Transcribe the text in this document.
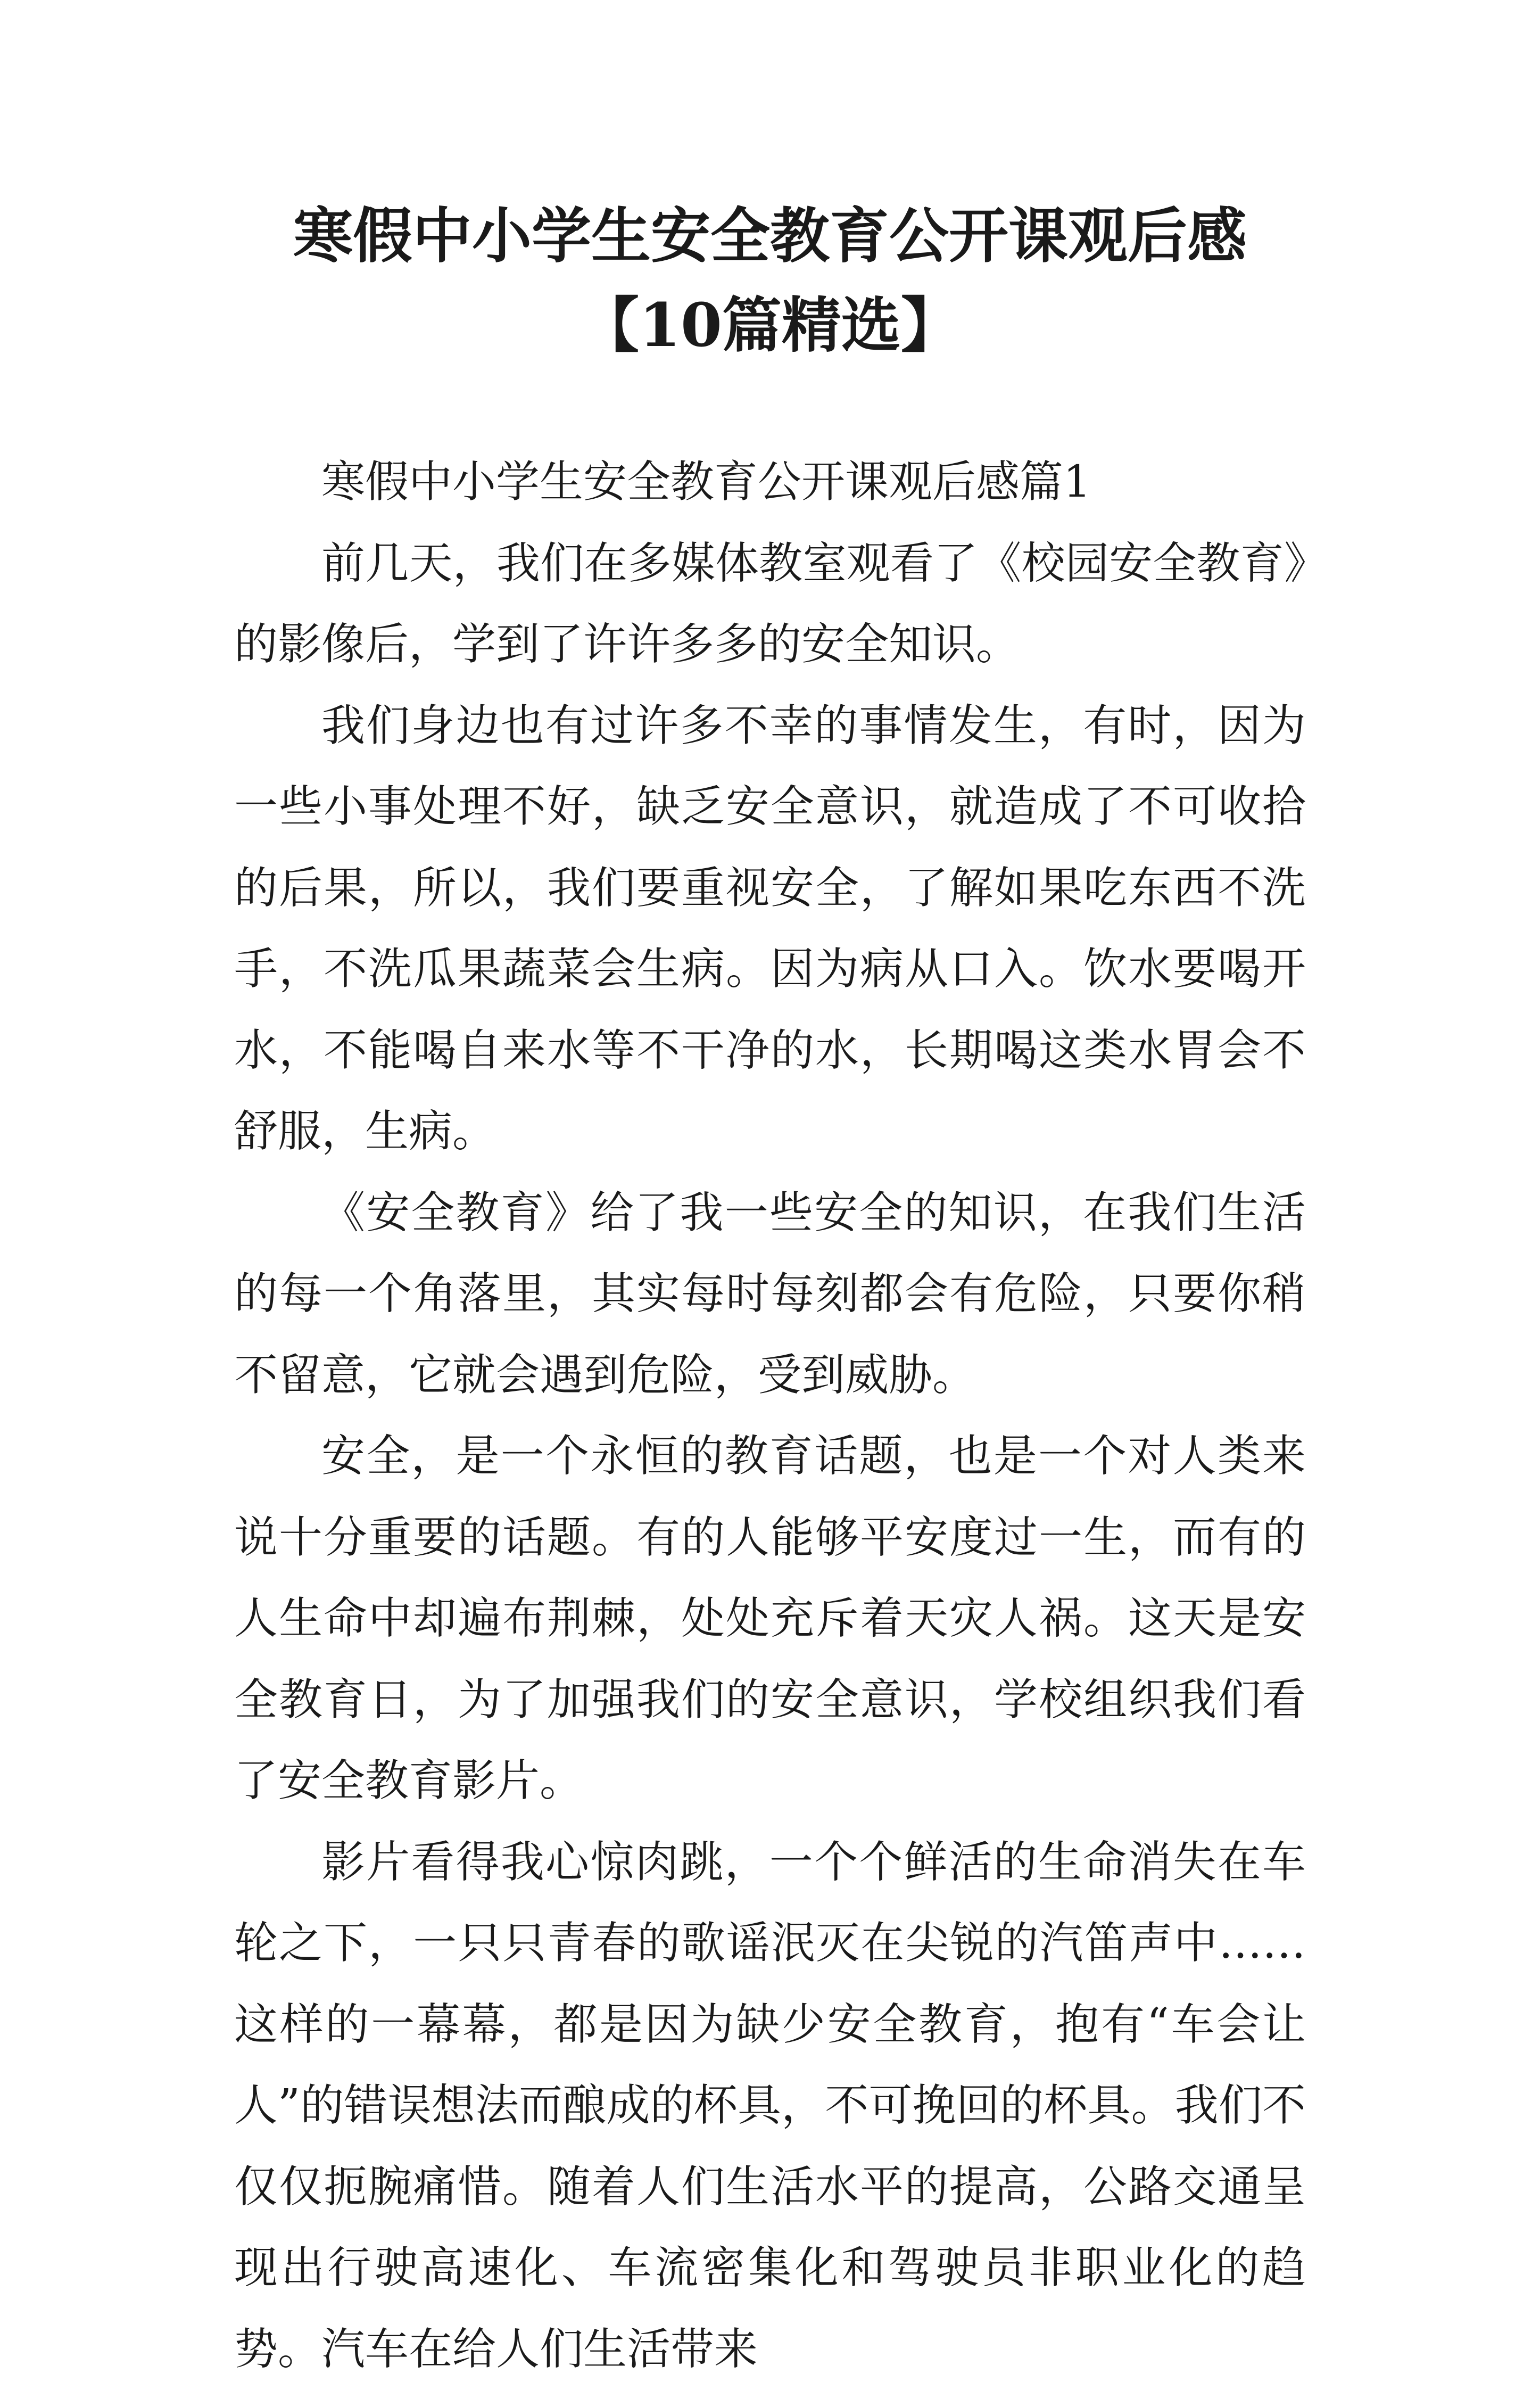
寒假中小学生安全教育公开课观后感【10篇精选】

寒假中小学生安全教育公开课观后感篇1

前几天，我们在多媒体教室观看了《校园安全教育》的影像后，学到了许许多多的安全知识。

我们身边也有过许多不幸的事情发生，有时，因为一些小事处理不好，缺乏安全意识，就造成了不可收拾的后果，所以，我们要重视安全，了解如果吃东西不洗手，不洗瓜果蔬菜会生病。因为病从口入。饮水要喝开水，不能喝自来水等不干净的水，长期喝这类水胃会不舒服，生病。

《安全教育》给了我一些安全的知识，在我们生活的每一个角落里，其实每时每刻都会有危险，只要你稍不留意，它就会遇到危险，受到威胁。

安全，是一个永恒的教育话题，也是一个对人类来说十分重要的话题。有的人能够平安度过一生，而有的人生命中却遍布荆棘，处处充斥着天灾人祸。这天是安全教育日，为了加强我们的安全意识，学校组织我们看了安全教育影片。

影片看得我心惊肉跳，一个个鲜活的生命消失在车轮之下，一只只青春的歌谣泯灭在尖锐的汽笛声中……这样的一幕幕，都是因为缺少安全教育，抱有“车会让人”的错误想法而酿成的杯具，不可挽回的杯具。我们不仅仅扼腕痛惜。随着人们生活水平的提高，公路交通呈现出行驶高速化、车流密集化和驾驶员非职业化的趋势。汽车在给人们生活带来
